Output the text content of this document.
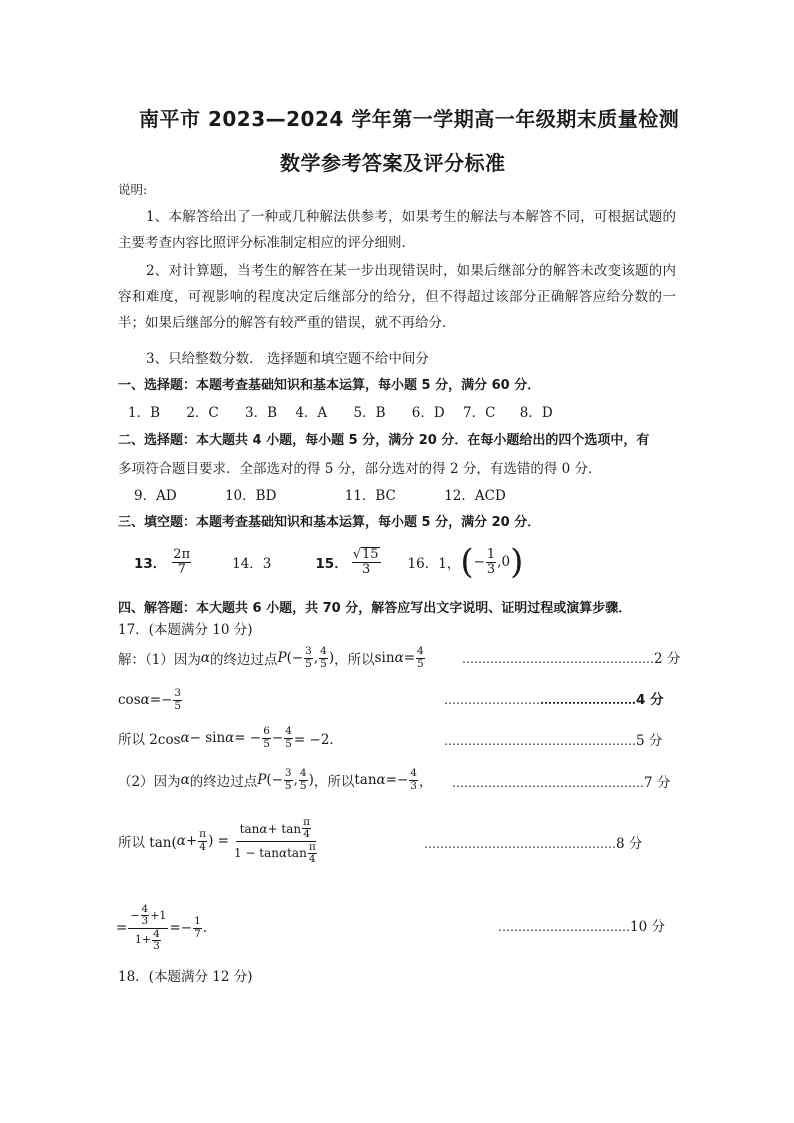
南平市 2023—2024 学年第一学期高一年级期末质量检测
数学参考答案及评分标准
说明:
1、本解答给出了一种或几种解法供参考，如果考生的解法与本解答不同，可根据试题的主要考查内容比照评分标准制定相应的评分细则．
2、对计算题，当考生的解答在某一步出现错误时，如果后继部分的解答未改变该题的内容和难度，可视影响的程度决定后继部分的给分，但不得超过该部分正确解答应给分数的一半；如果后继部分的解答有较严重的错误，就不再给分．
3、只给整数分数． 选择题和填空题不给中间分
一、选择题：本题考查基础知识和基本运算，每小题 5 分，满分 60 分．
1．B 2．C 3．B 4．A 5．B 6．D 7．C 8．D
二、选择题：本大题共 4 小题，每小题 5 分，满分 20 分．在每小题给出的四个选项中，有
多项符合题目要求．全部选对的得 5 分，部分选对的得 2 分，有选错的得 0 分．
9．AD	10．BD	11．BC	12．ACD
三、填空题：本题考查基础知识和基本运算，每小题 5 分，满分 20 分．
13． $\frac{2\pi}{7}$	14．3	15． $\frac{√15}{3} 16$．1， ( − $\frac{1}{3} ,0$ )
四、解答题：本大题共 6 小题，共 70 分，解答应写出文字说明、证明过程或演算步骤．
17．(本题满分 10 分)
解：（1）因为 α 的终边过点 P ( − $\frac{3}{5}$ , $\frac{4}{5}$ ) ，所以 $\sin \alpha = \frac{4}{5}$	…………………………………………2 分
cos α = − $\frac{3}{5}$	…………………………………………4 分
所以 2cos α − sin α = − $\frac{6}{5} - \frac{4}{5} = -2$．	…………………………………………5 分
（2）因为 α 的终边过点 P ( − $\frac{3}{5}$ , $\frac{4}{5}$ ) ，所以 tan α = − $\frac{4}{3}$ ， …………………………………………7 分
所以 tan( $\alpha + \frac{\pi}{4}$ ) = $\frac{\tan \alpha + \tan \frac{\pi}{4}}{1 - \tan \alpha \tan \frac{\pi}{4}}$	…………………………………………8 分
= $\frac{- \frac{4}{3} +1}{1+ \frac{4}{3}}$ = − $\frac{1}{7}$ .	……………………………10 分
18．(本题满分 12 分)
